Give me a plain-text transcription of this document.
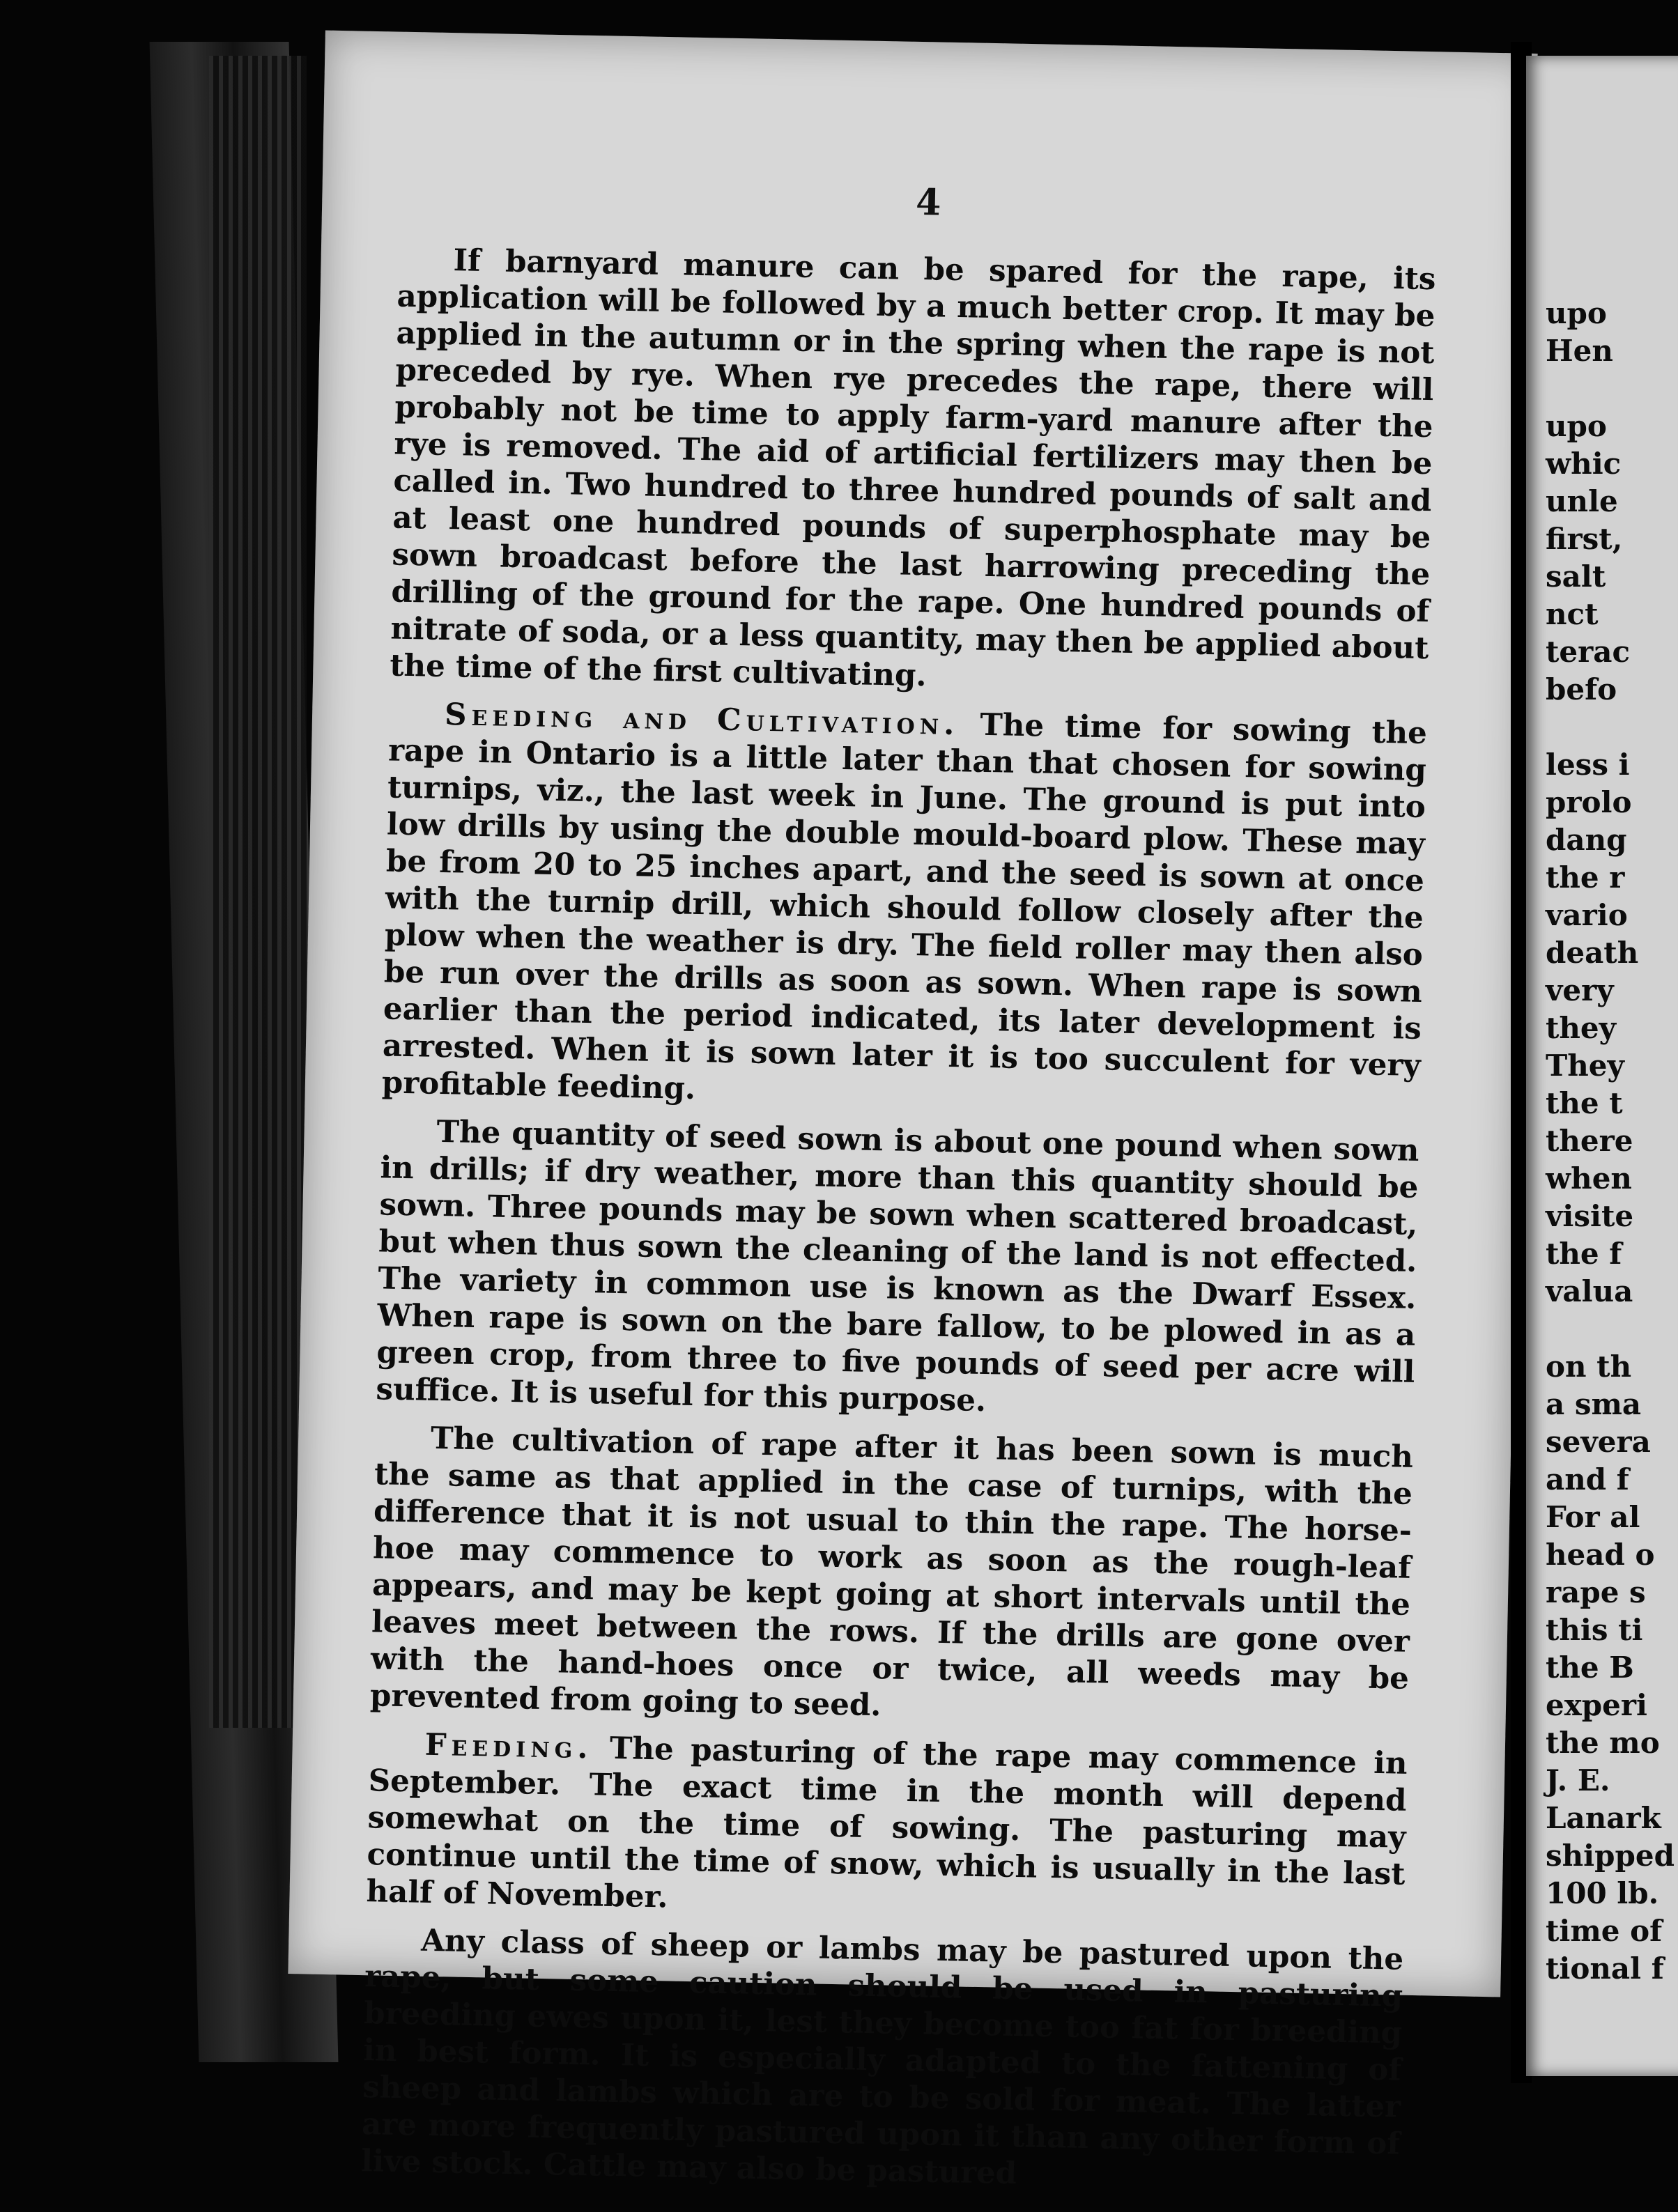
4

If barnyard manure can be spared for the rape, its application will be followed by a much better crop. It may be applied in the autumn or in the spring when the rape is not preceded by rye. When rye precedes the rape, there will probably not be time to apply farm-yard manure after the rye is removed. The aid of artificial fertilizers may then be called in. Two hundred to three hundred pounds of salt and at least one hundred pounds of superphosphate may be sown broadcast before the last harrowing preceding the drilling of the ground for the rape. One hundred pounds of nitrate of soda, or a less quantity, may then be applied about the time of the first cultivating.

Seeding and Cultivation. The time for sowing the rape in Ontario is a little later than that chosen for sowing turnips, viz., the last week in June. The ground is put into low drills by using the double mould-board plow. These may be from 20 to 25 inches apart, and the seed is sown at once with the turnip drill, which should follow closely after the plow when the weather is dry. The field roller may then also be run over the drills as soon as sown. When rape is sown earlier than the period indicated, its later development is arrested. When it is sown later it is too succulent for very profitable feeding.

The quantity of seed sown is about one pound when sown in drills; if dry weather, more than this quantity should be sown. Three pounds may be sown when scattered broadcast, but when thus sown the cleaning of the land is not effected. The variety in common use is known as the Dwarf Essex. When rape is sown on the bare fallow, to be plowed in as a green crop, from three to five pounds of seed per acre will suffice. It is useful for this purpose.

The cultivation of rape after it has been sown is much the same as that applied in the case of turnips, with the difference that it is not usual to thin the rape. The horse-hoe may commence to work as soon as the rough-leaf appears, and may be kept going at short intervals until the leaves meet between the rows. If the drills are gone over with the hand-hoes once or twice, all weeds may be prevented from going to seed.

Feeding. The pasturing of the rape may commence in September. The exact time in the month will depend somewhat on the time of sowing. The pasturing may continue until the time of snow, which is usually in the last half of November.

Any class of sheep or lambs may be pastured upon the rape, but some caution should be used in pasturing breeding ewes upon it, lest they become too fat for breeding in best form. It is especially adapted to the fattening of sheep and lambs which are to be sold for meat. The latter are more frequently pastured upon it than any other form of live stock. Cattle may also be pastured

upo
Hen
upo
whic
unle
first,
salt
nct
terac
befo
less i
prolo
dang
the r
vario
death
very
they
They
the t
there
when
visite
the f
valua
on th
a sma
severa
and f
For al
head o
rape s
this ti
the B
experi
the mo
J. E.
Lanark
shipped
100 lb.
time of
tional f
